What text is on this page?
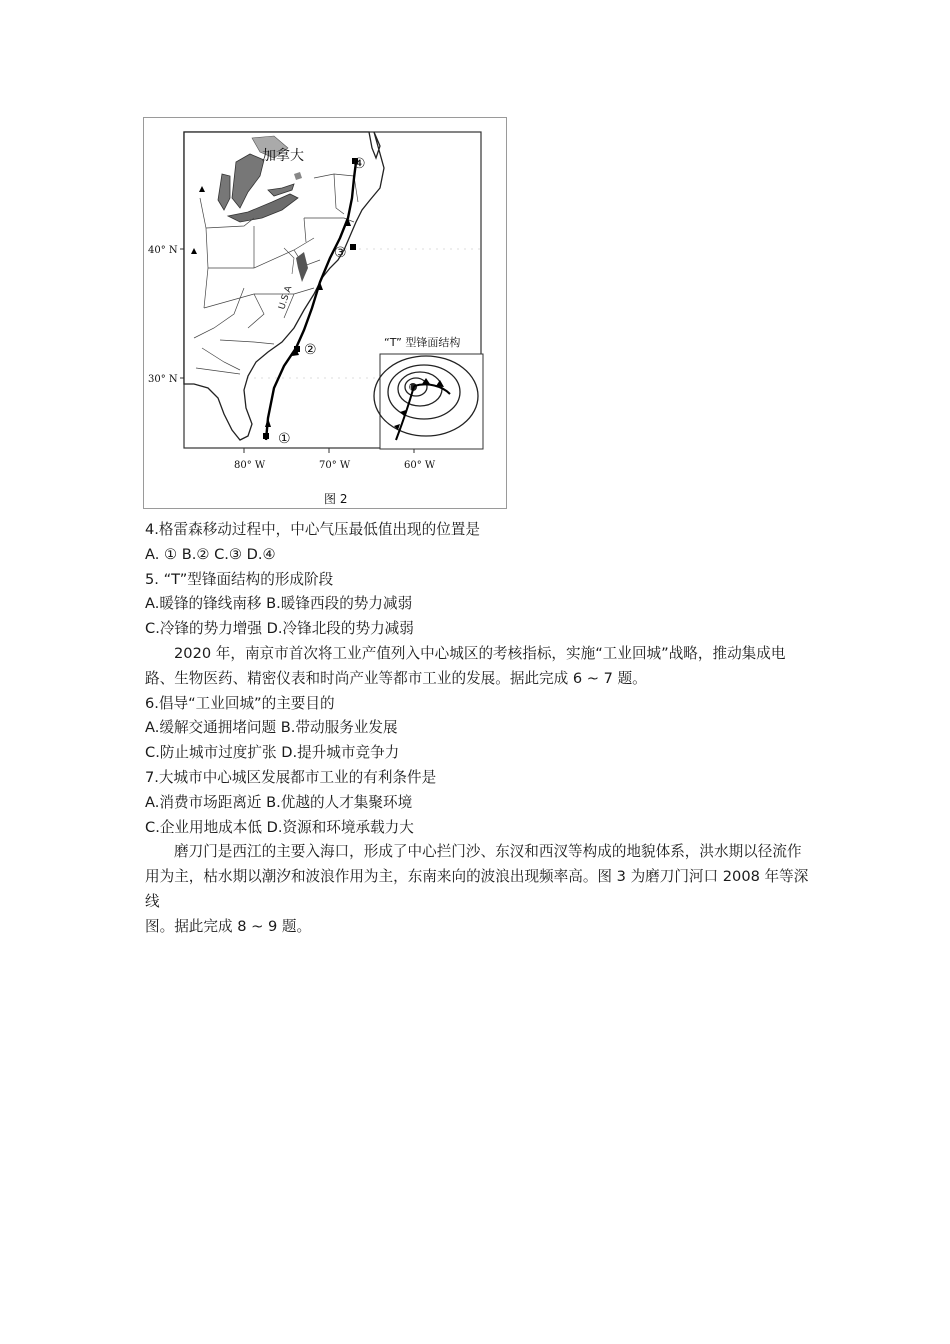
①
②
③
④
U.S.A
加拿大
40° N
30° N
80° W	70° W	60° W
“T” 型锋面结构
L
图 2

4.格雷森移动过程中，中心气压最低值出现的位置是

A. ① B.② C.③ D.④

5. “T”型锋面结构的形成阶段

A.暖锋的锋线南移 B.暖锋西段的势力减弱

C.冷锋的势力增强 D.冷锋北段的势力减弱

2020 年，南京市首次将工业产值列入中心城区的考核指标，实施“工业回城”战略，推动集成电路、生物医药、精密仪表和时尚产业等都市工业的发展。据此完成 6 ~ 7 题。

6.倡导“工业回城”的主要目的

A.缓解交通拥堵问题 B.带动服务业发展

C.防止城市过度扩张 D.提升城市竞争力

7.大城市中心城区发展都市工业的有利条件是

A.消费市场距离近 B.优越的人才集聚环境

C.企业用地成本低 D.资源和环境承载力大

磨刀门是西江的主要入海口，形成了中心拦门沙、东汊和西汊等构成的地貌体系，洪水期以径流作用为主，枯水期以潮汐和波浪作用为主，东南来向的波浪出现频率高。图 3 为磨刀门河口 2008 年等深线

图。据此完成 8 ~ 9 题。
